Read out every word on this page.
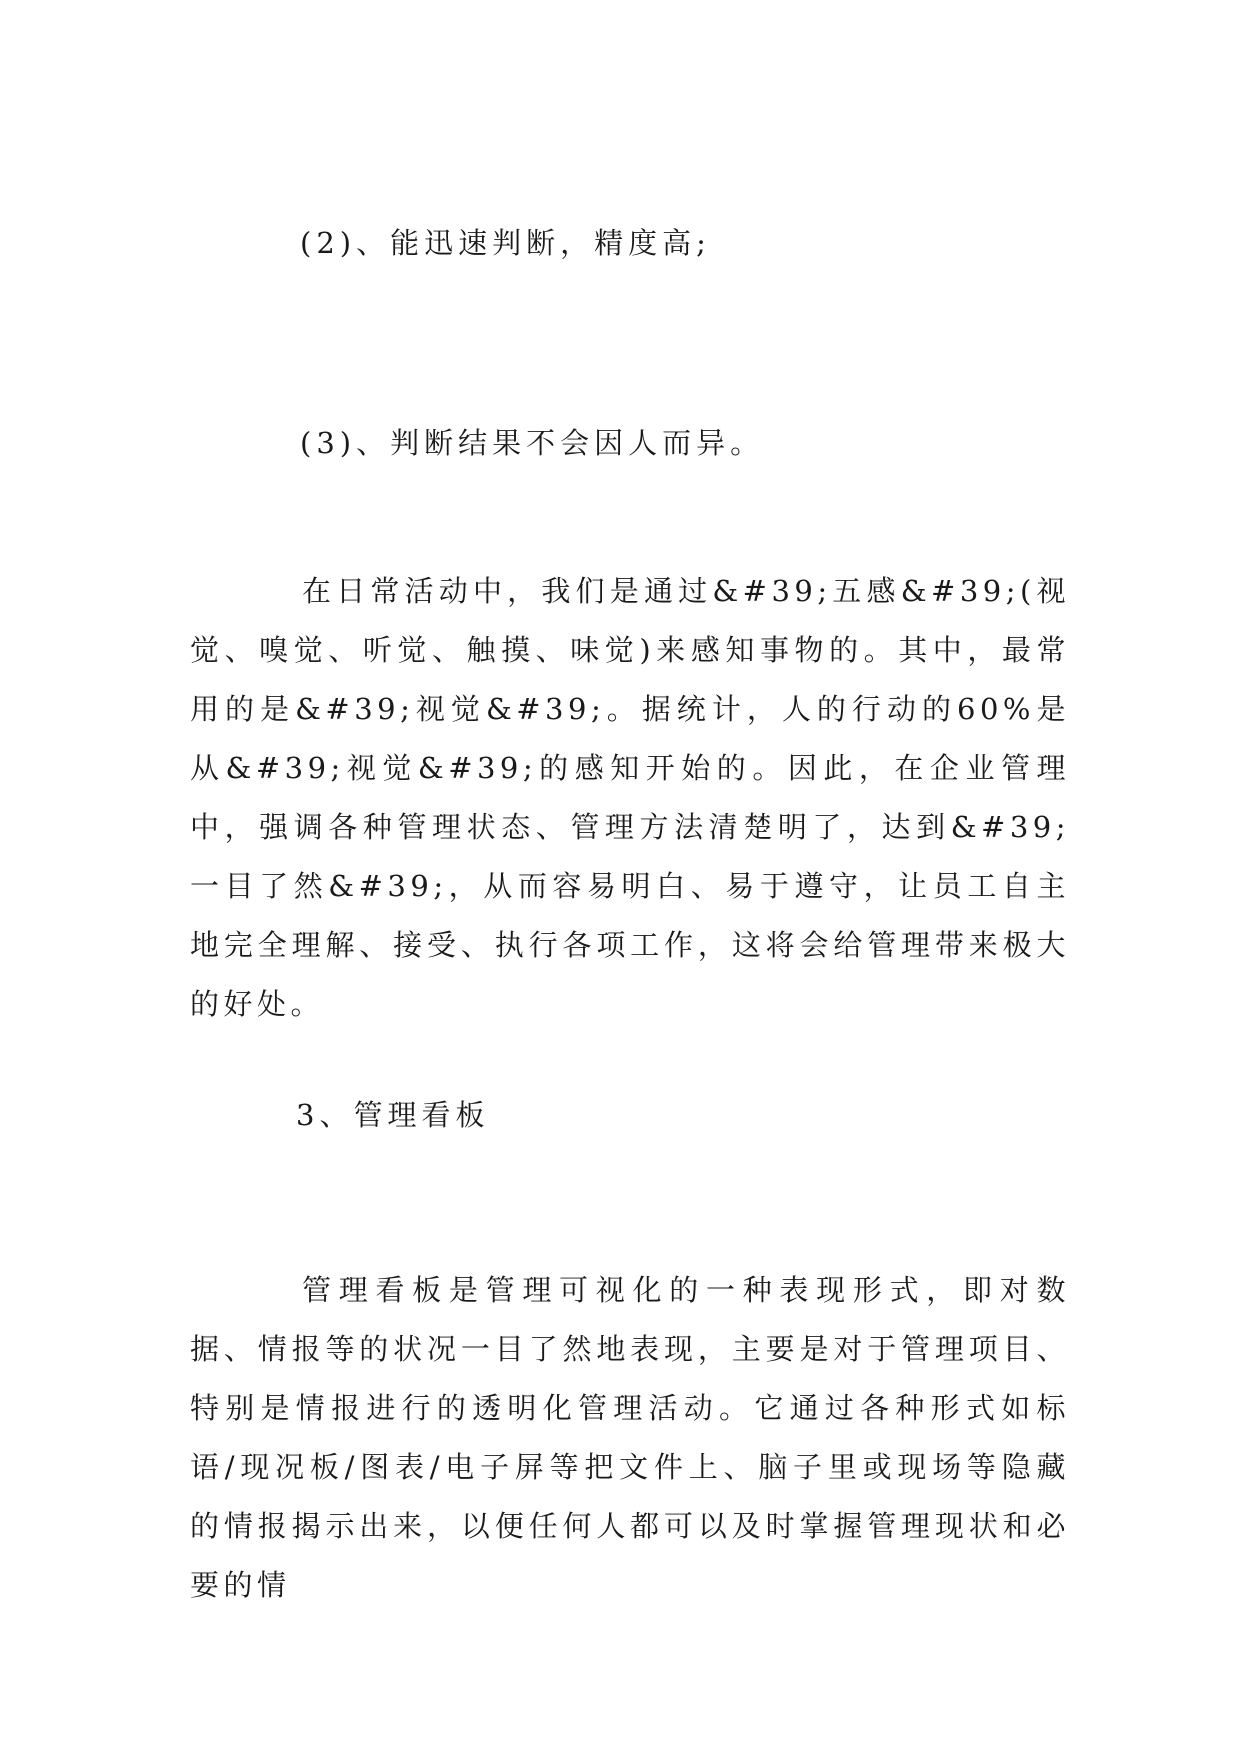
(2)、能迅速判断，精度高;
(3)、判断结果不会因人而异。

在日常活动中，我们是通过&#39;五感&#39;(视觉、嗅觉、听觉、触摸、味觉)来感知事物的。其中，最常用的是&#39;视觉&#39;。据统计，人的行动的60%是从&#39;视觉&#39;的感知开始的。因此，在企业管理中，强调各种管理状态、管理方法清楚明了，达到&#39;一目了然&#39;，从而容易明白、易于遵守，让员工自主地完全理解、接受、执行各项工作，这将会给管理带来极大的好处。

3、管理看板

管理看板是管理可视化的一种表现形式，即对数据、情报等的状况一目了然地表现，主要是对于管理项目、特别是情报进行的透明化管理活动。它通过各种形式如标语/现况板/图表/电子屏等把文件上、脑子里或现场等隐藏的情报揭示出来，以便任何人都可以及时掌握管理现状和必要的情
